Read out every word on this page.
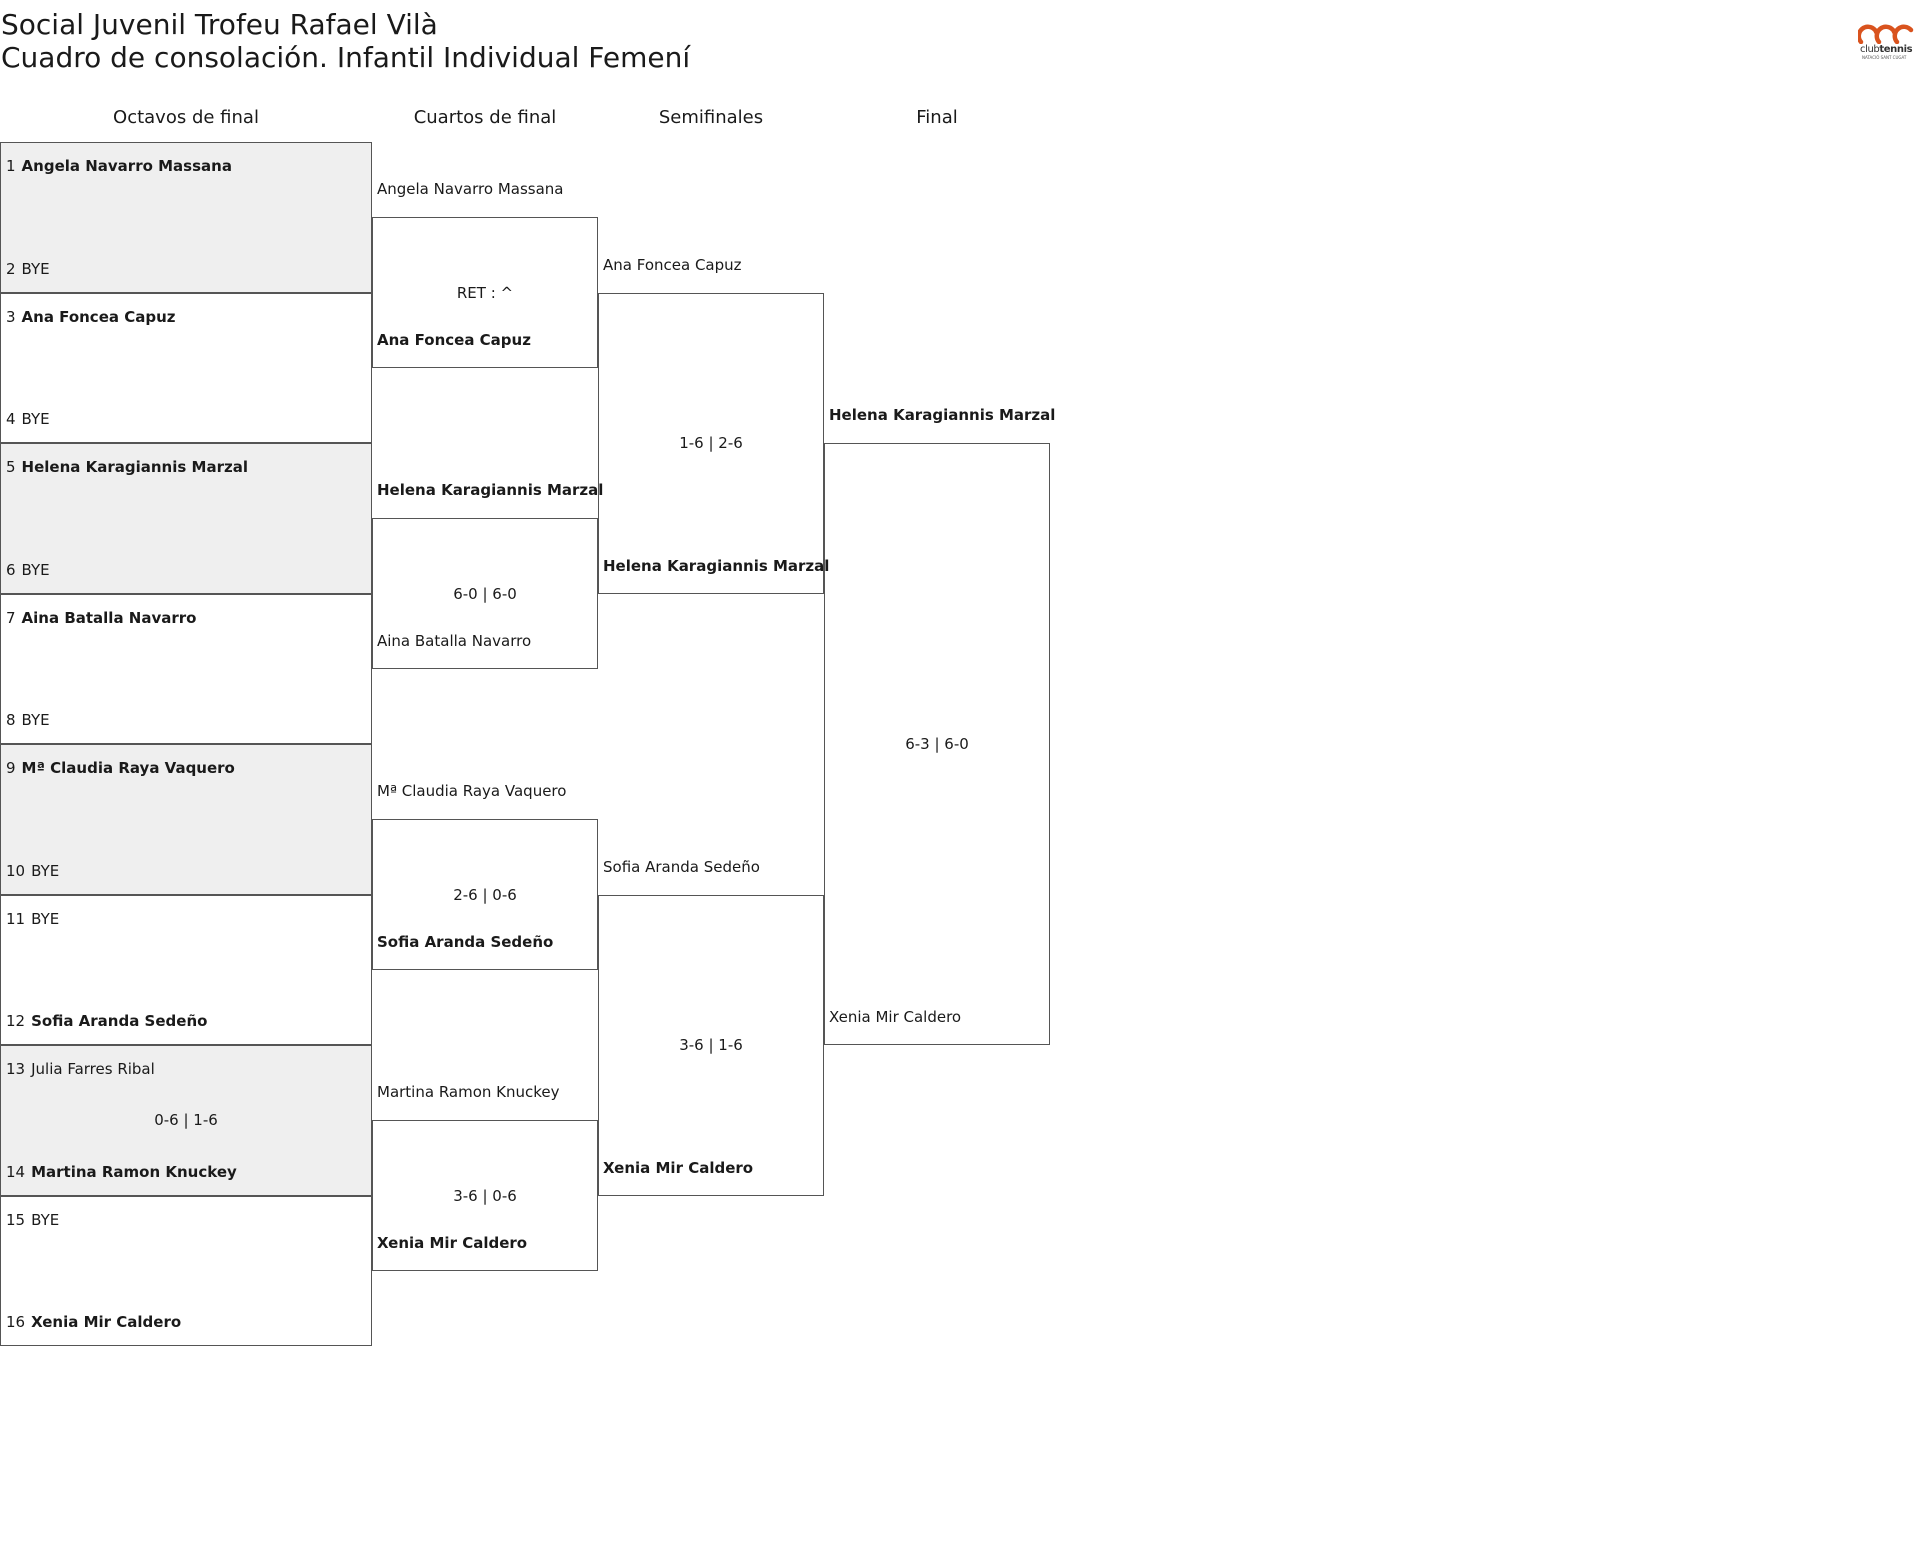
Social Juvenil Trofeu Rafael Vilà
Cuadro de consolación. Infantil Individual Femení	clubtennis
NATACIÓ SANT CUGAT
Octavos de final	Cuartos de final	Semifinales	Final
1 Angela Navarro Massana
2 BYE
3 Ana Foncea Capuz
4 BYE
5 Helena Karagiannis Marzal
6 BYE
7 Aina Batalla Navarro
8 BYE
9 Mª Claudia Raya Vaquero
10 BYE
11 BYE
12 Sofia Aranda Sedeño
13 Julia Farres Ribal
14 Martina Ramon Knuckey
0-6 | 1-6
15 BYE
16 Xenia Mir Caldero
Angela Navarro Massana
Ana Foncea Capuz
RET : ^
Helena Karagiannis Marzal
Aina Batalla Navarro
6-0 | 6-0
Mª Claudia Raya Vaquero
Sofia Aranda Sedeño
2-6 | 0-6
Martina Ramon Knuckey
Xenia Mir Caldero
3-6 | 0-6
Ana Foncea Capuz
Helena Karagiannis Marzal
1-6 | 2-6
Sofia Aranda Sedeño
Xenia Mir Caldero
3-6 | 1-6
Helena Karagiannis Marzal
Xenia Mir Caldero
6-3 | 6-0
